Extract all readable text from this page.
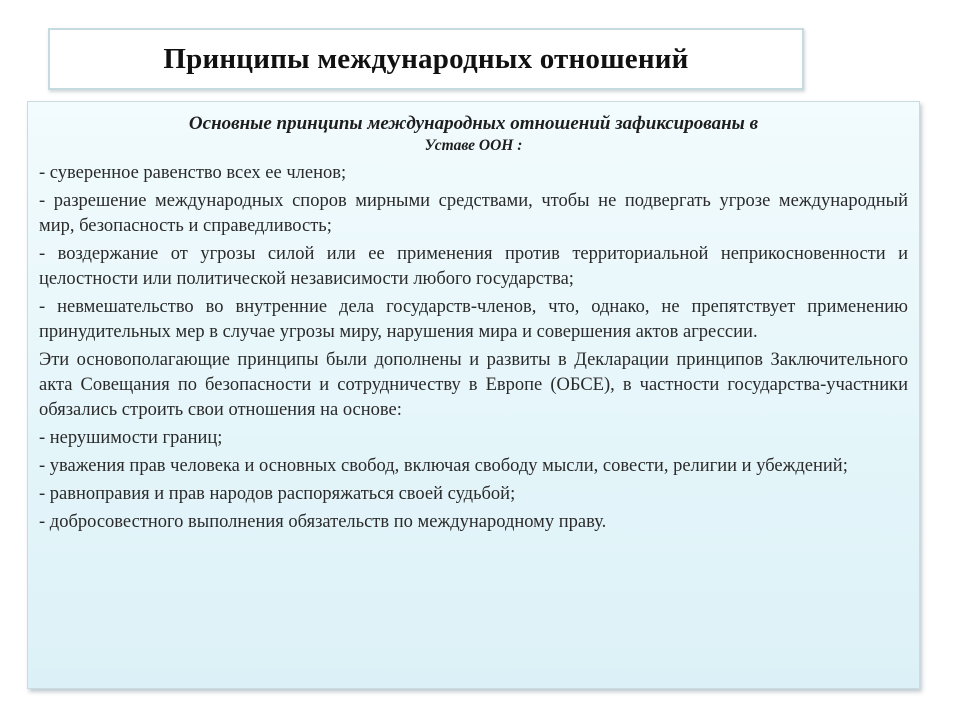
Принципы международных отношений
Основные принципы международных отношений зафиксированы в
Уставе ООН :

- суверенное равенство всех ее членов;

- разрешение международных споров мирными средствами, чтобы не подвергать угрозе международный мир, безопасность и справедливость;

- воздержание от угрозы силой или ее применения против территориальной неприкосновенности и целостности или политической независимости любого государства;

- невмешательство во внутренние дела государств-членов, что, однако, не препятствует применению принудительных мер в случае угрозы миру, нарушения мира и совершения актов агрессии.

Эти основополагающие принципы были дополнены и развиты в Декларации принципов Заключительного акта Совещания по безопасности и сотрудничеству в Европе (ОБСЕ), в частности государства-участники обязались строить свои отношения на основе:

- нерушимости границ;

- уважения прав человека и основных свобод, включая свободу мысли, совести, религии и убеждений;

- равноправия и прав народов распоряжаться своей судьбой;

- добросовестного выполнения обязательств по международному праву.
